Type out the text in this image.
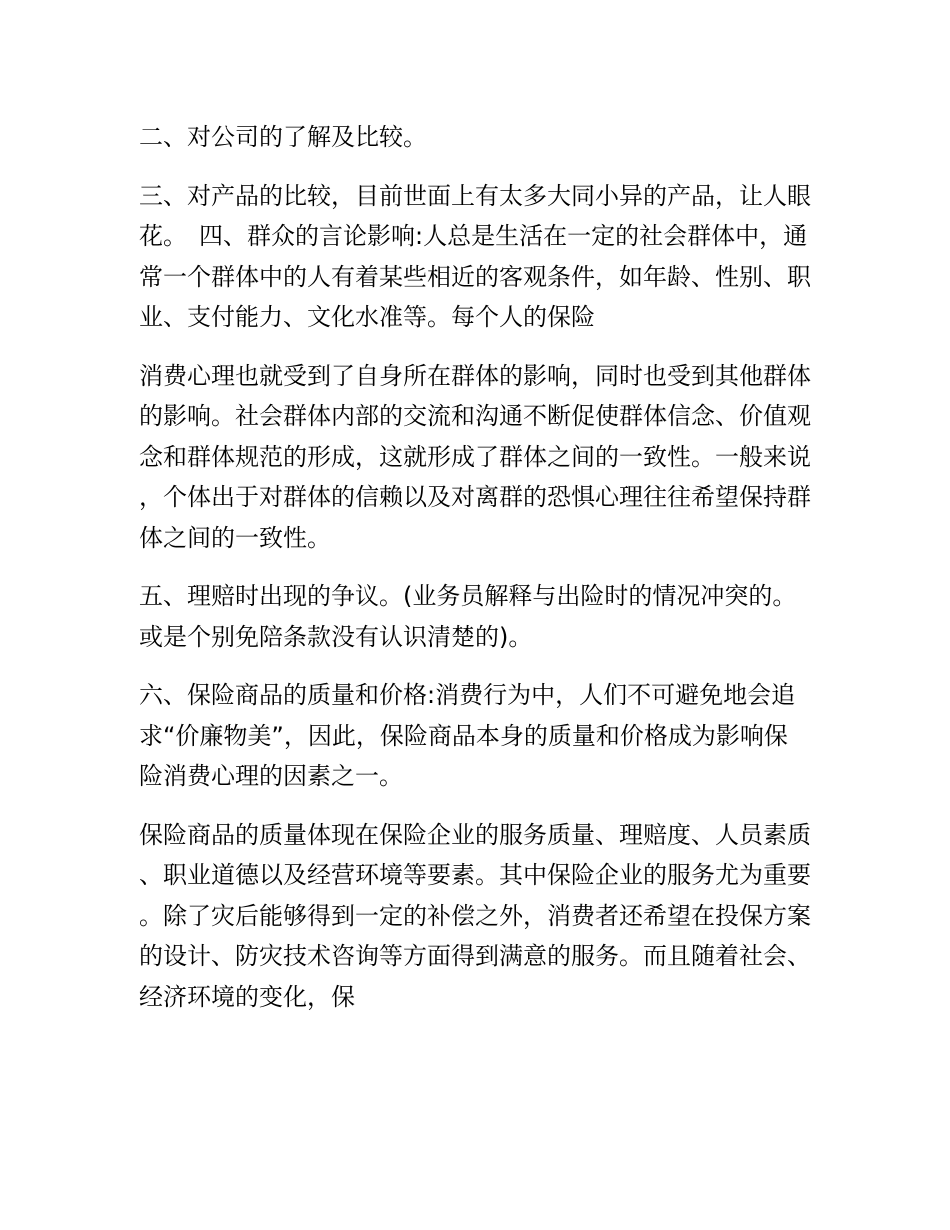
二、对公司的了解及比较。

三、对产品的比较，目前世面上有太多大同小异的产品，让人眼花。　四、群众的言论影响:人总是生活在一定的社会群体中，通常一个群体中的人有着某些相近的客观条件，如年龄、性别、职业、支付能力、文化水准等。每个人的保险

消费心理也就受到了自身所在群体的影响，同时也受到其他群体的影响。社会群体内部的交流和沟通不断促使群体信念、价值观念和群体规范的形成，这就形成了群体之间的一致性。一般来说，个体出于对群体的信赖以及对离群的恐惧心理往往希望保持群体之间的一致性。

五、理赔时出现的争议。(业务员解释与出险时的情况冲突的。或是个别免陪条款没有认识清楚的)。

六、保险商品的质量和价格:消费行为中，人们不可避免地会追求“价廉物美”，因此，保险商品本身的质量和价格成为影响保险消费心理的因素之一。

保险商品的质量体现在保险企业的服务质量、理赔度、人员素质、职业道德以及经营环境等要素。其中保险企业的服务尤为重要。除了灾后能够得到一定的补偿之外，消费者还希望在投保方案的设计、防灾技术咨询等方面得到满意的服务。而且随着社会、经济环境的变化，保
